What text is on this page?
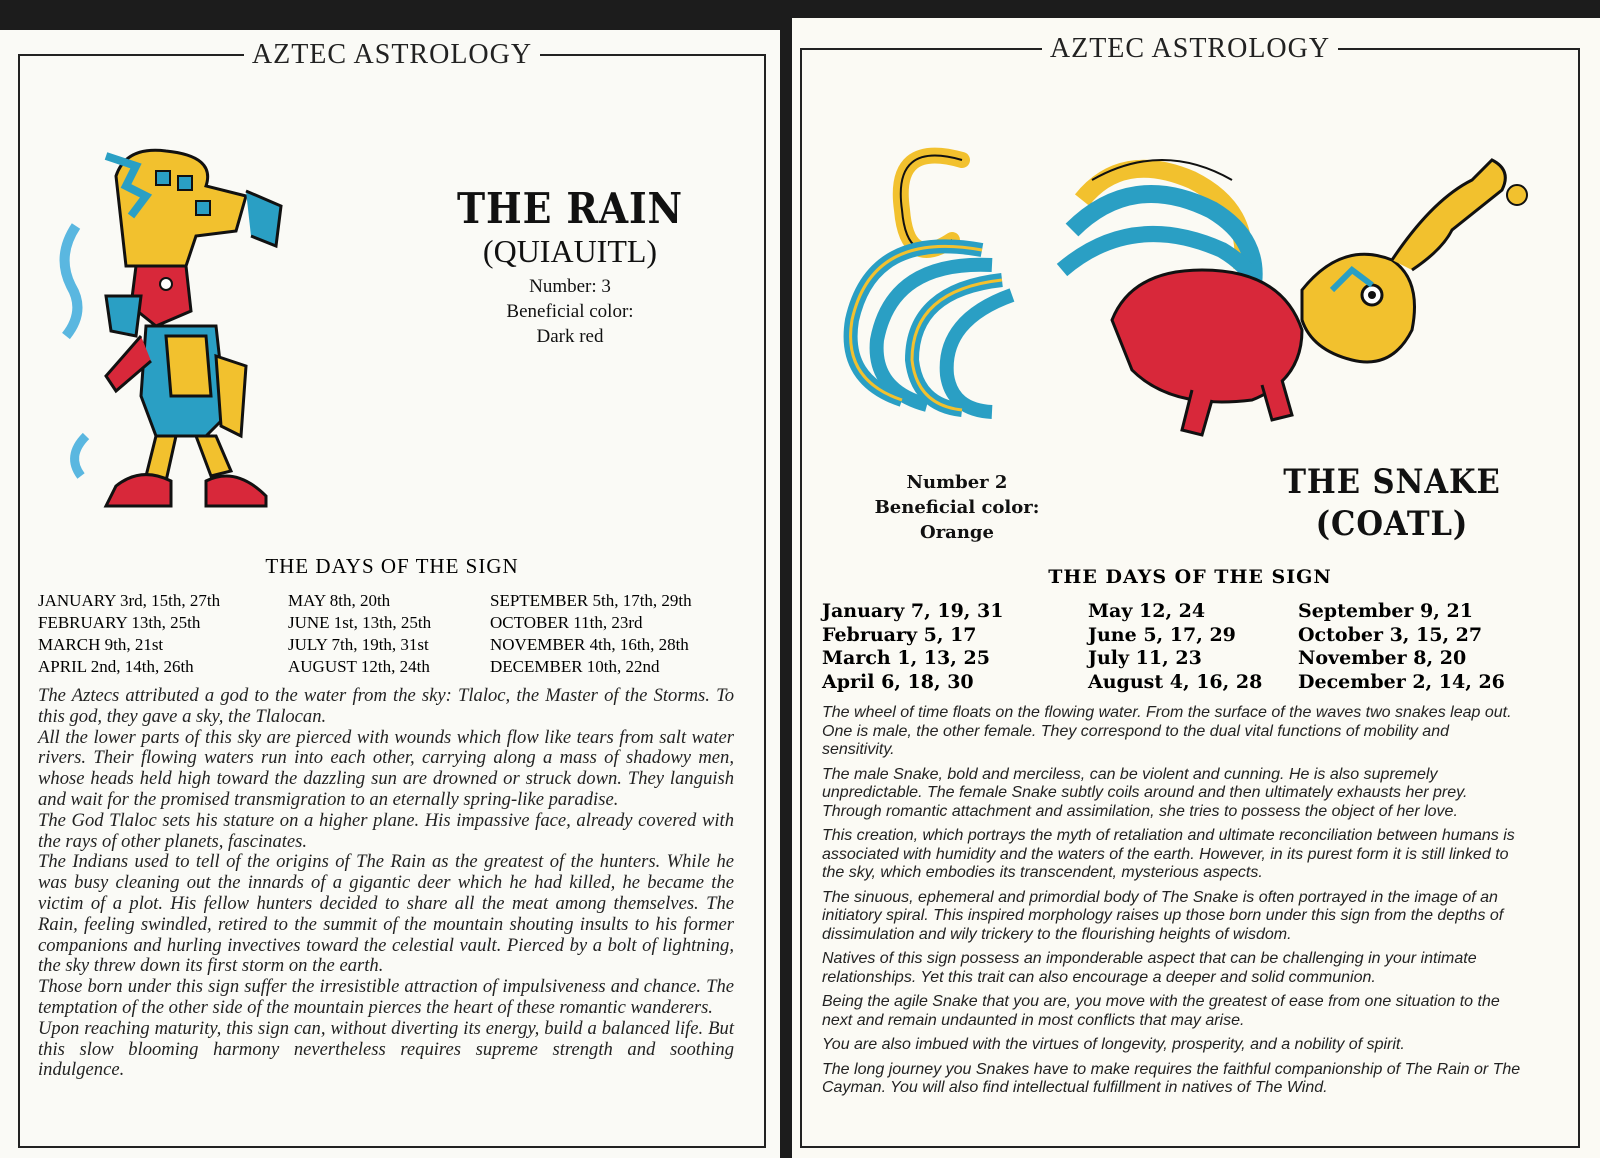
AZTEC ASTROLOGY
THE RAIN
(QUIAUITL)
Number: 3
Beneficial color:
Dark red
THE DAYS OF THE SIGN
JANUARY 3rd, 15th, 27th
FEBRUARY 13th, 25th
MARCH 9th, 21st
APRIL 2nd, 14th, 26th
MAY 8th, 20th
JUNE 1st, 13th, 25th
JULY 7th, 19th, 31st
AUGUST 12th, 24th
SEPTEMBER 5th, 17th, 29th
OCTOBER 11th, 23rd
NOVEMBER 4th, 16th, 28th
DECEMBER 10th, 22nd

The Aztecs attributed a god to the water from the sky: Tlaloc, the Master of the Storms. To this god, they gave a sky, the Tlalocan.

All the lower parts of this sky are pierced with wounds which flow like tears from salt water rivers. Their flowing waters run into each other, carrying along a mass of shadowy men, whose heads held high toward the dazzling sun are drowned or struck down. They languish and wait for the promised transmigration to an eternally spring-like paradise.

The God Tlaloc sets his stature on a higher plane. His impassive face, already covered with the rays of other planets, fascinates.

The Indians used to tell of the origins of The Rain as the greatest of the hunters. While he was busy cleaning out the innards of a gigantic deer which he had killed, he became the victim of a plot. His fellow hunters decided to share all the meat among themselves. The Rain, feeling swindled, retired to the summit of the mountain shouting insults to his former companions and hurling invectives toward the celestial vault. Pierced by a bolt of lightning, the sky threw down its first storm on the earth.

Those born under this sign suffer the irresistible attraction of impulsiveness and chance. The temptation of the other side of the mountain pierces the heart of these romantic wanderers.

Upon reaching maturity, this sign can, without diverting its energy, build a balanced life. But this slow blooming harmony nevertheless requires supreme strength and soothing indulgence.

AZTEC ASTROLOGY
Number 2
Beneficial color:
Orange
THE SNAKE
(COATL)
THE DAYS OF THE SIGN
January 7, 19, 31
February 5, 17
March 1, 13, 25
April 6, 18, 30
May 12, 24
June 5, 17, 29
July 11, 23
August 4, 16, 28
September 9, 21
October 3, 15, 27
November 8, 20
December 2, 14, 26

The wheel of time floats on the flowing water. From the surface of the waves two snakes leap out. One is male, the other female. They correspond to the dual vital functions of mobility and sensitivity.

The male Snake, bold and merciless, can be violent and cunning. He is also supremely unpredictable. The female Snake subtly coils around and then ultimately exhausts her prey. Through romantic attachment and assimilation, she tries to possess the object of her love.

This creation, which portrays the myth of retaliation and ultimate reconciliation between humans is associated with humidity and the waters of the earth. However, in its purest form it is still linked to the sky, which embodies its transcendent, mysterious aspects.

The sinuous, ephemeral and primordial body of The Snake is often portrayed in the image of an initiatory spiral. This inspired morphology raises up those born under this sign from the depths of dissimulation and wily trickery to the flourishing heights of wisdom.

Natives of this sign possess an imponderable aspect that can be challenging in your intimate relationships. Yet this trait can also encourage a deeper and solid communion.

Being the agile Snake that you are, you move with the greatest of ease from one situation to the next and remain undaunted in most conflicts that may arise.

You are also imbued with the virtues of longevity, prosperity, and a nobility of spirit.

The long journey you Snakes have to make requires the faithful companionship of The Rain or The Cayman. You will also find intellectual fulfillment in natives of The Wind.
